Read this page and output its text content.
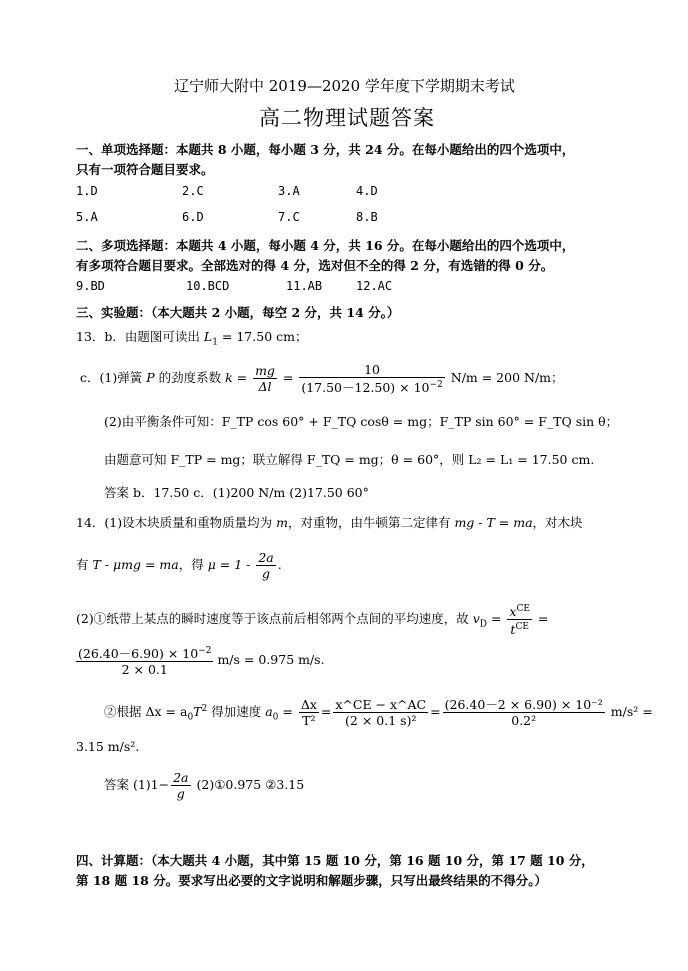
辽宁师大附中 2019—2020 学年度下学期期末考试
高二物理试题答案
一、单项选择题：本题共 8 小题，每小题 3 分，共 24 分。在每小题给出的四个选项中，
只有一项符合题目要求。
1.D	2.C	3.A	4.D
5.A	6.D	7.C	8.B
二、多项选择题：本题共 4 小题，每小题 4 分，共 16 分。在每小题给出的四个选项中，
有多项符合题目要求。全部选对的得 4 分，选对但不全的得 2 分，有选错的得 0 分。
9.BD	10.BCD	11.AB	12.AC
三、实验题：（本大题共 2 小题，每空 2 分，共 14 分。）
13．b．由题图可读出 $L_1 = 17.50$ cm；
c．(1)弹簧 P 的劲度系数 $k = \frac{mg}{\Delta l} = \frac{10}{(17.50-12.50) \times 10^{-2}} N/m = 200$ N/m；
(2)由平衡条件可知：F_TP cos 60° + F_TQ cosθ = mg；F_TP sin 60° = F_TQ sin θ；
由题意可知 F_TP = mg；联立解得 F_TQ = mg；θ = 60°，则 L₂ = L₁ = 17.50 cm.
答案 b．17.50 c．(1)200 N/m (2)17.50 60°
14．(1)设木块质量和重物质量均为 m，对重物，由牛顿第二定律有 mg - T = ma，对木块
有 T - μmg = ma，得 $\mu = 1 - \frac{2a}{g}$ .
(2)①纸带上某点的瞬时速度等于该点前后相邻两个点间的平均速度，故 $v_D = \frac{x^{CE}}{t^{CE}}$ =
$\frac{(26.40-6.90) \times 10^{-2}}{2 \times 0.1} m/s = 0.975$ m/s.
②根据 $\Delta x = a_0T^2$ 得加速度 $a_0 = \frac{\Delta x}{\text{T²}} = \frac{x\^{}CE - x\^{}AC}{\text{(2 × 0.1 s)²}} = \frac{\text{(26.40－2 × 6.90) × 10⁻²}}{\text{0.2²}} m/s^2$ =
3.15 m/s².
答案 $(1)1- \frac{2a}{g}$ (2)①0.975 ②3.15
四、计算题：（本大题共 4 小题，其中第 15 题 10 分，第 16 题 10 分，第 17 题 10 分，
第 18 题 18 分。要求写出必要的文字说明和解题步骤，只写出最终结果的不得分。）
